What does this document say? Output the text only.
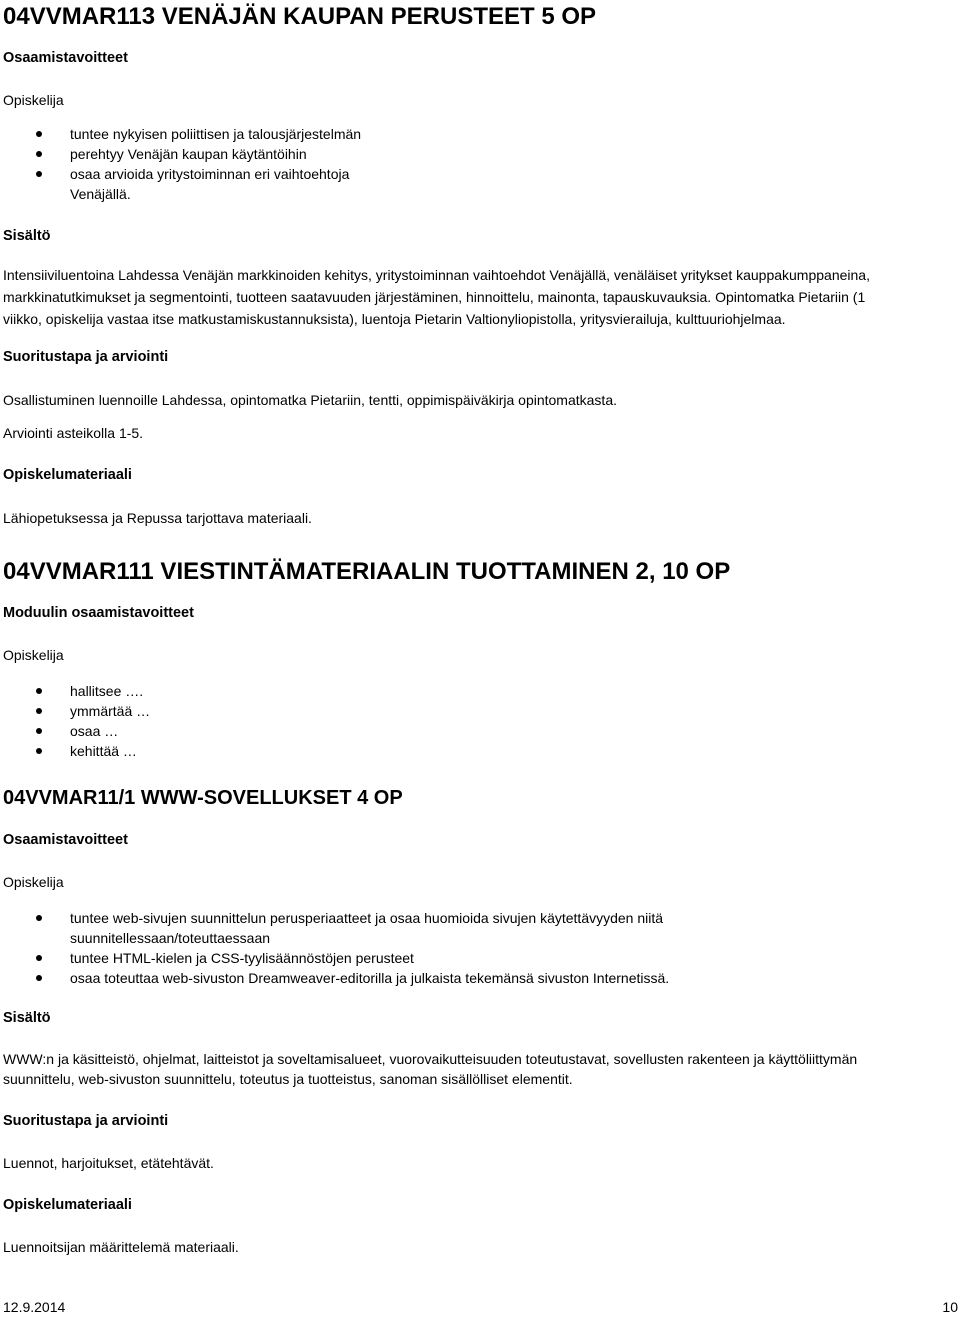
04VVMAR113 VENÄJÄN KAUPAN PERUSTEET 5 OP
Osaamistavoitteet
Opiskelija
tuntee nykyisen poliittisen ja talousjärjestelmän
perehtyy Venäjän kaupan käytäntöihin
osaa arvioida yritystoiminnan eri vaihtoehtoja
Venäjällä.
Sisältö
Intensiiviluentoina Lahdessa Venäjän markkinoiden kehitys, yritystoiminnan vaihtoehdot Venäjällä, venäläiset yritykset kauppakumppaneina,
markkinatutkimukset ja segmentointi, tuotteen saatavuuden järjestäminen, hinnoittelu, mainonta, tapauskuvauksia. Opintomatka Pietariin (1
viikko, opiskelija vastaa itse matkustamiskustannuksista), luentoja Pietarin Valtionyliopistolla, yritysvierailuja, kulttuuriohjelmaa.
Suoritustapa ja arviointi
Osallistuminen luennoille Lahdessa, opintomatka Pietariin, tentti, oppimispäiväkirja opintomatkasta.
Arviointi asteikolla 1-5.
Opiskelumateriaali
Lähiopetuksessa ja Repussa tarjottava materiaali.
04VVMAR111 VIESTINTÄMATERIAALIN TUOTTAMINEN 2, 10 OP
Moduulin osaamistavoitteet
Opiskelija
hallitsee ….
ymmärtää …
osaa …
kehittää …
04VVMAR11/1 WWW-SOVELLUKSET 4 OP
Osaamistavoitteet
Opiskelija
tuntee web-sivujen suunnittelun perusperiaatteet ja osaa huomioida sivujen käytettävyyden niitä
suunnitellessaan/toteuttaessaan
tuntee HTML-kielen ja CSS-tyylisäännöstöjen perusteet
osaa toteuttaa web-sivuston Dreamweaver-editorilla ja julkaista tekemänsä sivuston Internetissä.
Sisältö
WWW:n ja käsitteistö, ohjelmat, laitteistot ja soveltamisalueet, vuorovaikutteisuuden toteutustavat, sovellusten rakenteen ja käyttöliittymän
suunnittelu, web-sivuston suunnittelu, toteutus ja tuotteistus, sanoman sisällölliset elementit.
Suoritustapa ja arviointi
Luennot, harjoitukset, etätehtävät.
Opiskelumateriaali
Luennoitsijan määrittelemä materiaali.
12.9.2014	10
